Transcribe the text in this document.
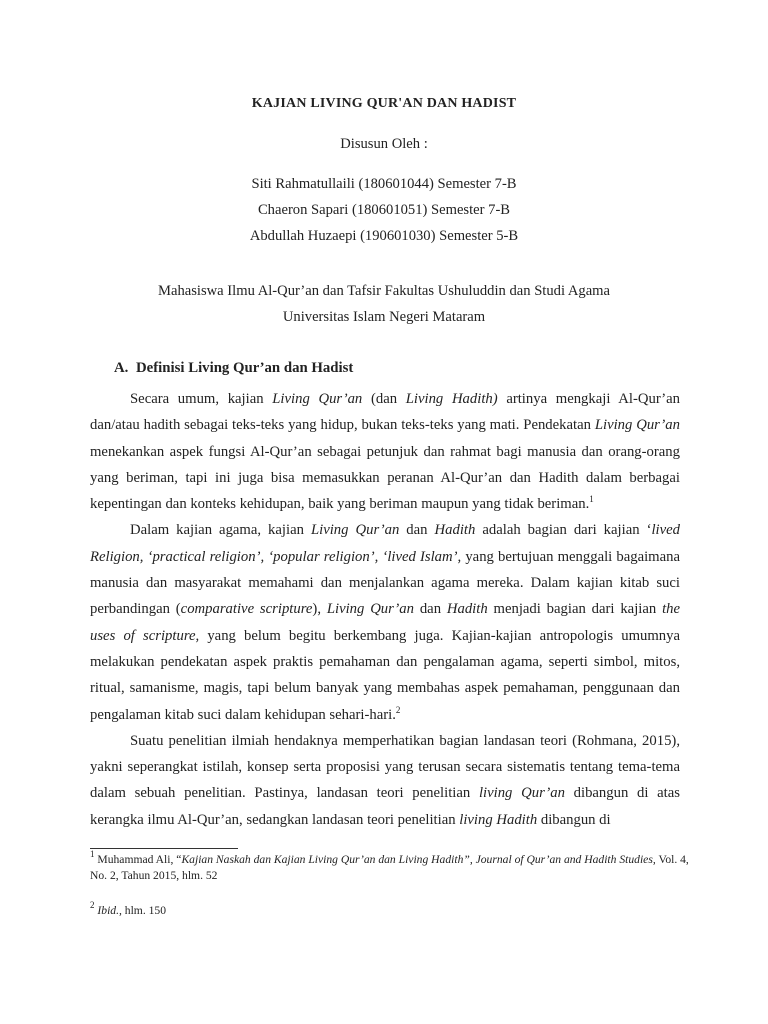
KAJIAN LIVING QUR'AN DAN HADIST
Disusun Oleh :
Siti Rahmatullaili (180601044) Semester 7-B
Chaeron Sapari (180601051) Semester 7-B
Abdullah Huzaepi (190601030) Semester 5-B
Mahasiswa Ilmu Al-Qur’an dan Tafsir Fakultas Ushuluddin dan Studi Agama
Universitas Islam Negeri Mataram
A. Definisi Living Qur’an dan Hadist

Secara umum, kajian Living Qur’an (dan Living Hadith) artinya mengkaji Al-Qur’an dan/atau hadith sebagai teks-teks yang hidup, bukan teks-teks yang mati. Pendekatan Living Qur’an menekankan aspek fungsi Al-Qur’an sebagai petunjuk dan rahmat bagi manusia dan orang-orang yang beriman, tapi ini juga bisa memasukkan peranan Al-Qur’an dan Hadith dalam berbagai kepentingan dan konteks kehidupan, baik yang beriman maupun yang tidak beriman.$^1$

Dalam kajian agama, kajian Living Qur’an dan Hadith adalah bagian dari kajian ‘lived Religion, ‘practical religion’, ‘popular religion’, ‘lived Islam’, yang bertujuan menggali bagaimana manusia dan masyarakat memahami dan menjalankan agama mereka. Dalam kajian kitab suci perbandingan (comparative scripture), Living Qur’an dan Hadith menjadi bagian dari kajian the uses of scripture, yang belum begitu berkembang juga. Kajian-kajian antropologis umumnya melakukan pendekatan aspek praktis pemahaman dan pengalaman agama, seperti simbol, mitos, ritual, samanisme, magis, tapi belum banyak yang membahas aspek pemahaman, penggunaan dan pengalaman kitab suci dalam kehidupan sehari-hari.$^2$

Suatu penelitian ilmiah hendaknya memperhatikan bagian landasan teori (Rohmana, 2015), yakni seperangkat istilah, konsep serta proposisi yang terusan secara sistematis tentang tema-tema dalam sebuah penelitian. Pastinya, landasan teori penelitian living Qur’an dibangun di atas kerangka ilmu Al-Qur’an, sedangkan landasan teori penelitian living Hadith dibangun di

$^1$ Muhammad Ali, “Kajian Naskah dan Kajian Living Qur’an dan Living Hadith”, Journal of Qur’an and Hadith Studies, Vol. 4, No. 2, Tahun 2015, hlm. 52
$^2$ Ibid., hlm. 150
